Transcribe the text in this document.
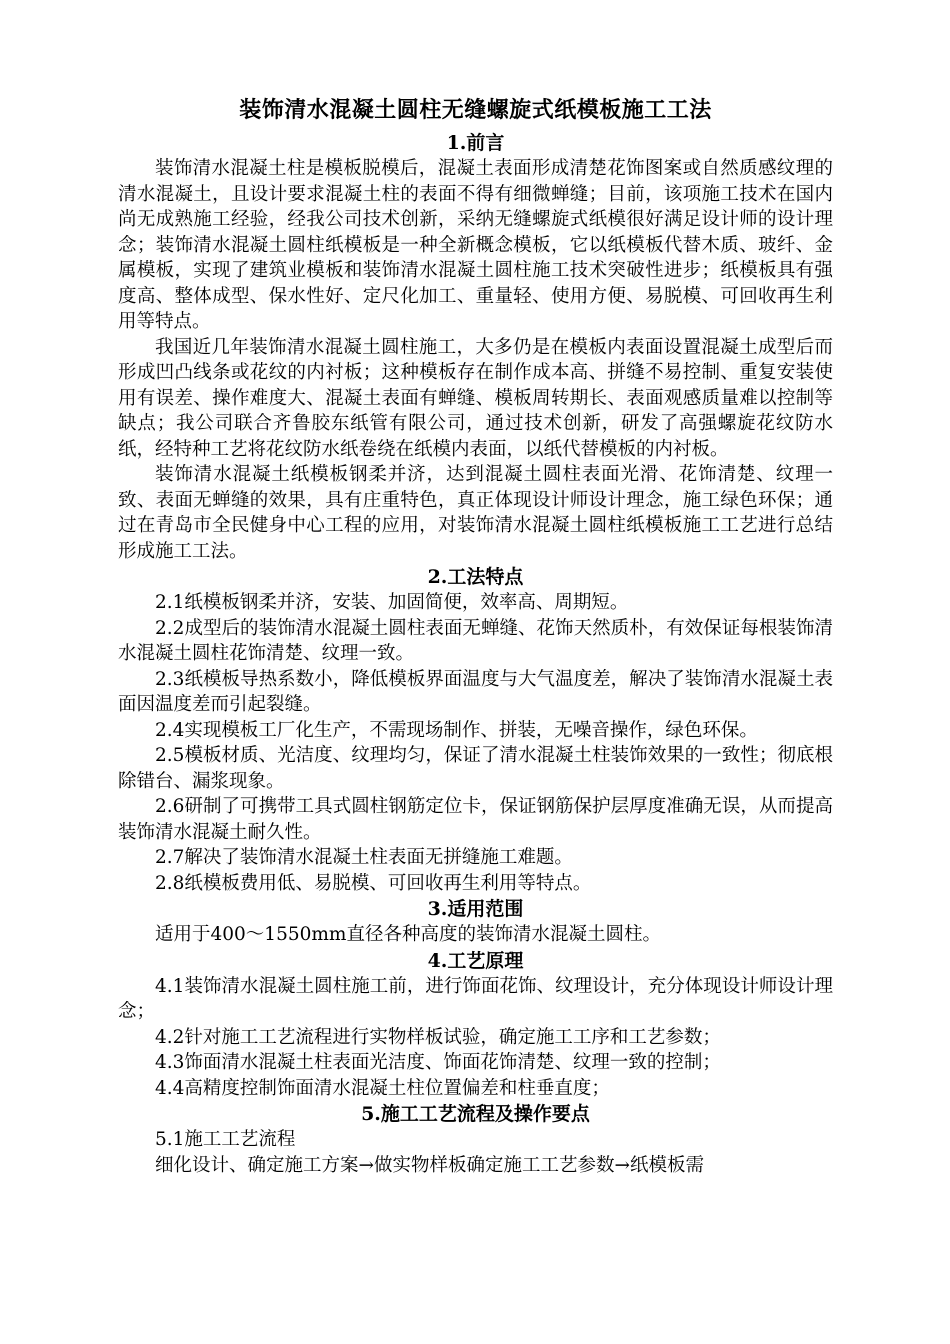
装饰清水混凝土圆柱无缝螺旋式纸模板施工工法
1.前言

装饰清水混凝土柱是模板脱模后，混凝土表面形成清楚花饰图案或自然质感纹理的清水混凝土，且设计要求混凝土柱的表面不得有细微蝉缝；目前，该项施工技术在国内尚无成熟施工经验，经我公司技术创新，采纳无缝螺旋式纸模很好满足设计师的设计理念；装饰清水混凝土圆柱纸模板是一种全新概念模板，它以纸模板代替木质、玻纤、金属模板，实现了建筑业模板和装饰清水混凝土圆柱施工技术突破性进步；纸模板具有强度高、整体成型、保水性好、定尺化加工、重量轻、使用方便、易脱模、可回收再生利用等特点。

我国近几年装饰清水混凝土圆柱施工，大多仍是在模板内表面设置混凝土成型后而形成凹凸线条或花纹的内衬板；这种模板存在制作成本高、拼缝不易控制、重复安装使用有误差、操作难度大、混凝土表面有蝉缝、模板周转期长、表面观感质量难以控制等缺点；我公司联合齐鲁胶东纸管有限公司，通过技术创新，研发了高强螺旋花纹防水纸，经特种工艺将花纹防水纸卷绕在纸模内表面，以纸代替模板的内衬板。

装饰清水混凝土纸模板钢柔并济，达到混凝土圆柱表面光滑、花饰清楚、纹理一致、表面无蝉缝的效果，具有庄重特色，真正体现设计师设计理念，施工绿色环保；通过在青岛市全民健身中心工程的应用，对装饰清水混凝土圆柱纸模板施工工艺进行总结形成施工工法。

2.工法特点

2.1纸模板钢柔并济，安装、加固简便，效率高、周期短。

2.2成型后的装饰清水混凝土圆柱表面无蝉缝、花饰天然质朴，有效保证每根装饰清水混凝土圆柱花饰清楚、纹理一致。

2.3纸模板导热系数小，降低模板界面温度与大气温度差，解决了装饰清水混凝土表面因温度差而引起裂缝。

2.4实现模板工厂化生产，不需现场制作、拼装，无噪音操作，绿色环保。

2.5模板材质、光洁度、纹理均匀，保证了清水混凝土柱装饰效果的一致性；彻底根除错台、漏浆现象。

2.6研制了可携带工具式圆柱钢筋定位卡，保证钢筋保护层厚度准确无误，从而提高装饰清水混凝土耐久性。

2.7解决了装饰清水混凝土柱表面无拼缝施工难题。

2.8纸模板费用低、易脱模、可回收再生利用等特点。

3.适用范围

适用于400～1550mm直径各种高度的装饰清水混凝土圆柱。

4.工艺原理

4.1装饰清水混凝土圆柱施工前，进行饰面花饰、纹理设计，充分体现设计师设计理念；

4.2针对施工工艺流程进行实物样板试验，确定施工工序和工艺参数；

4.3饰面清水混凝土柱表面光洁度、饰面花饰清楚、纹理一致的控制；

4.4高精度控制饰面清水混凝土柱位置偏差和柱垂直度；

5.施工工艺流程及操作要点

5.1施工工艺流程

细化设计、确定施工方案→做实物样板确定施工工艺参数→纸模板需
